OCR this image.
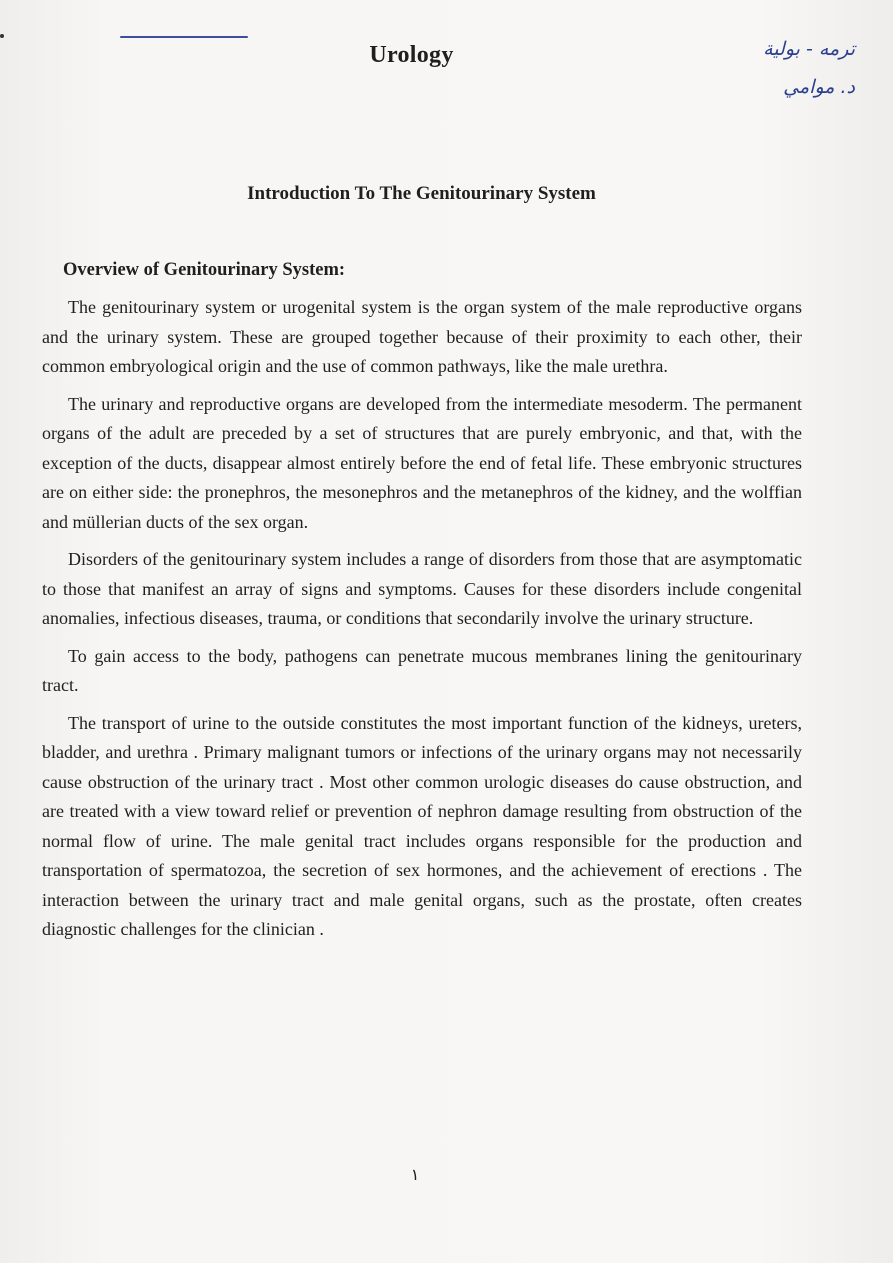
Urology	ترمه - بولية
د. موامي
Introduction To The Genitourinary System
Overview of Genitourinary System:

The genitourinary system or urogenital system is the organ system of the male reproductive organs and the urinary system. These are grouped together because of their proximity to each other, their common embryological origin and the use of common pathways, like the male urethra.

The urinary and reproductive organs are developed from the intermediate mesoderm. The permanent organs of the adult are preceded by a set of structures that are purely embryonic, and that, with the exception of the ducts, disappear almost entirely before the end of fetal life. These embryonic structures are on either side: the pronephros, the mesonephros and the metanephros of the kidney, and the wolffian and müllerian ducts of the sex organ.

Disorders of the genitourinary system includes a range of disorders from those that are asymptomatic to those that manifest an array of signs and symptoms. Causes for these disorders include congenital anomalies, infectious diseases, trauma, or conditions that secondarily involve the urinary structure.

To gain access to the body, pathogens can penetrate mucous membranes lining the genitourinary tract.

The transport of urine to the outside constitutes the most important function of the kidneys, ureters, bladder, and urethra . Primary malignant tumors or infections of the urinary organs may not necessarily cause obstruction of the urinary tract . Most other common urologic diseases do cause obstruction, and are treated with a view toward relief or prevention of nephron damage resulting from obstruction of the normal flow of urine. The male genital tract includes organs responsible for the production and transportation of spermatozoa, the secretion of sex hormones, and the achievement of erections . The interaction between the urinary tract and male genital organs, such as the prostate, often creates diagnostic challenges for the clinician .

١
